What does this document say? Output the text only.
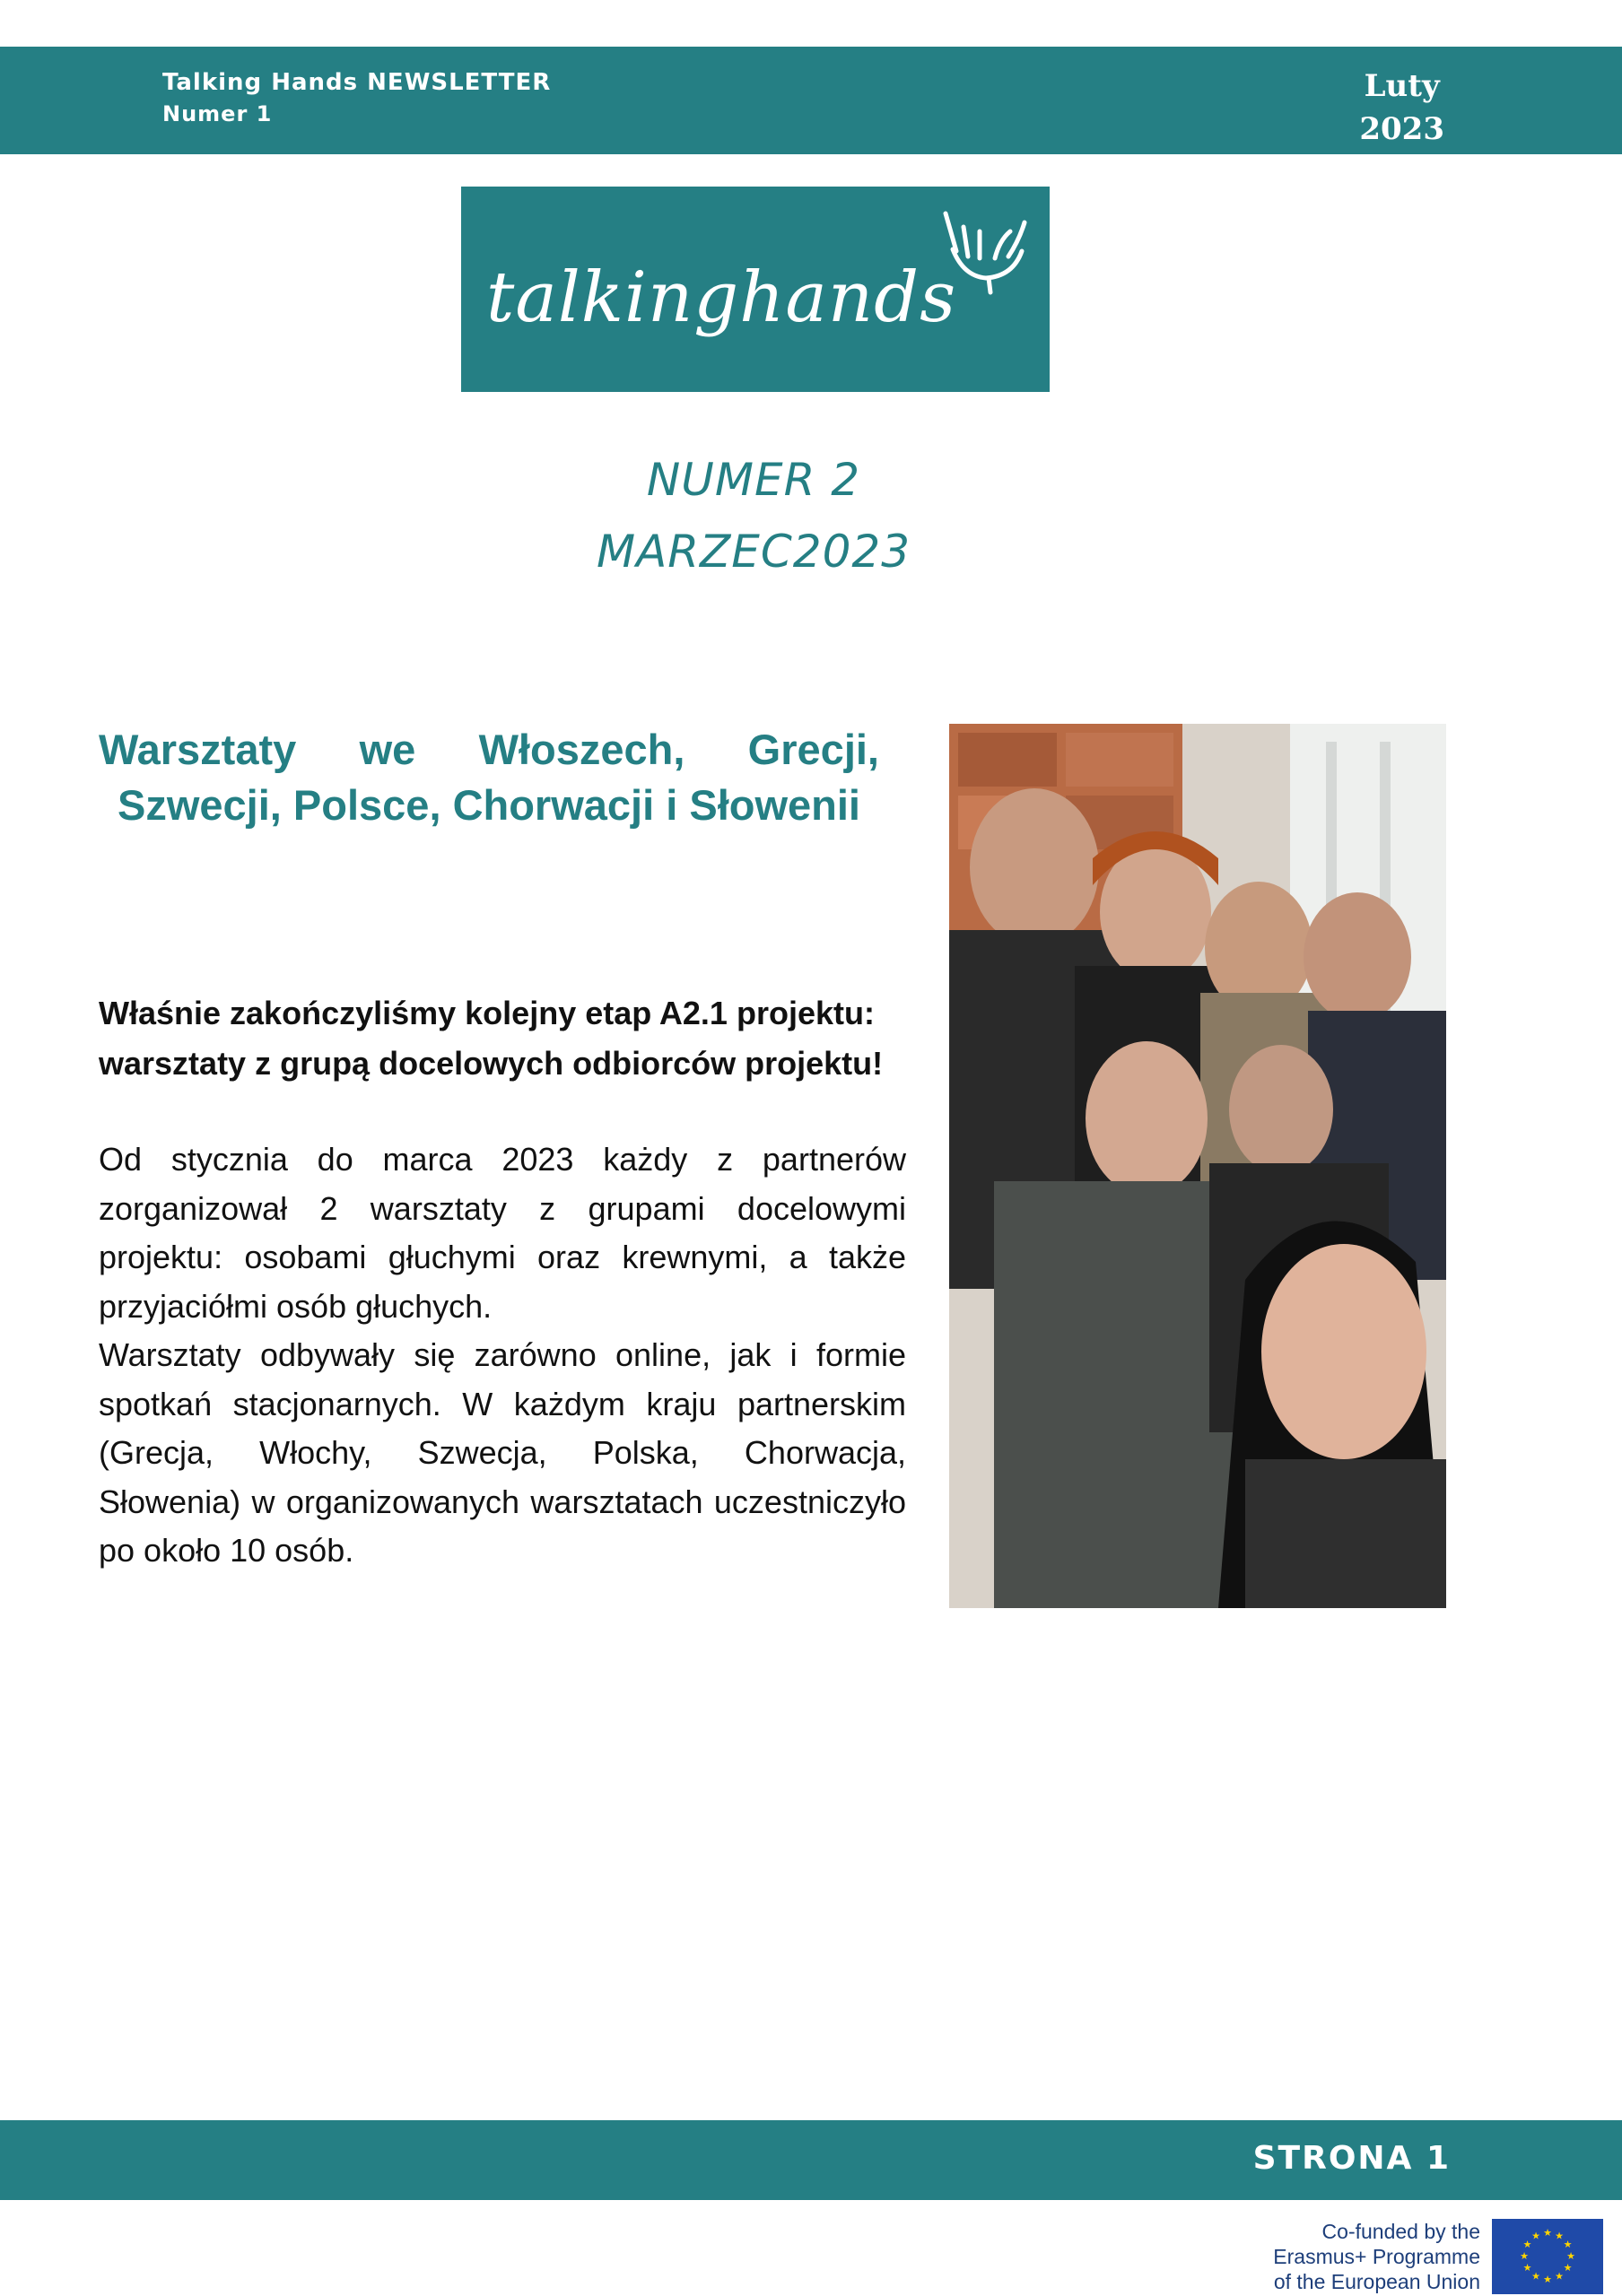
Talking Hands NEWSLETTER
Numer 1
Luty
2023
talkinghands
NUMER 2
MARZEC2023
Warsztaty we Włoszech, Grecji,
Szwecji, Polsce, Chorwacji i Słowenii
Właśnie zakończyliśmy kolejny etap A2.1 projektu:
warsztaty z grupą docelowych odbiorców projektu!

Od stycznia do marca 2023 każdy z partnerów zorganizował 2 warsztaty z grupami docelowymi projektu: osobami głuchymi oraz krewnymi, a także przyjaciółmi osób głuchych.

Warsztaty odbywały się zarówno online, jak i formie spotkań stacjonarnych. W każdym kraju partnerskim (Grecja, Włochy, Szwecja, Polska, Chorwacja, Słowenia) w organizowanych warsztatach uczestniczyło po około 10 osób.

STRONA 1
Co-funded by the
Erasmus+ Programme
of the European Union
★ ★
★
★
★
★
★
★
★
★
★
★
